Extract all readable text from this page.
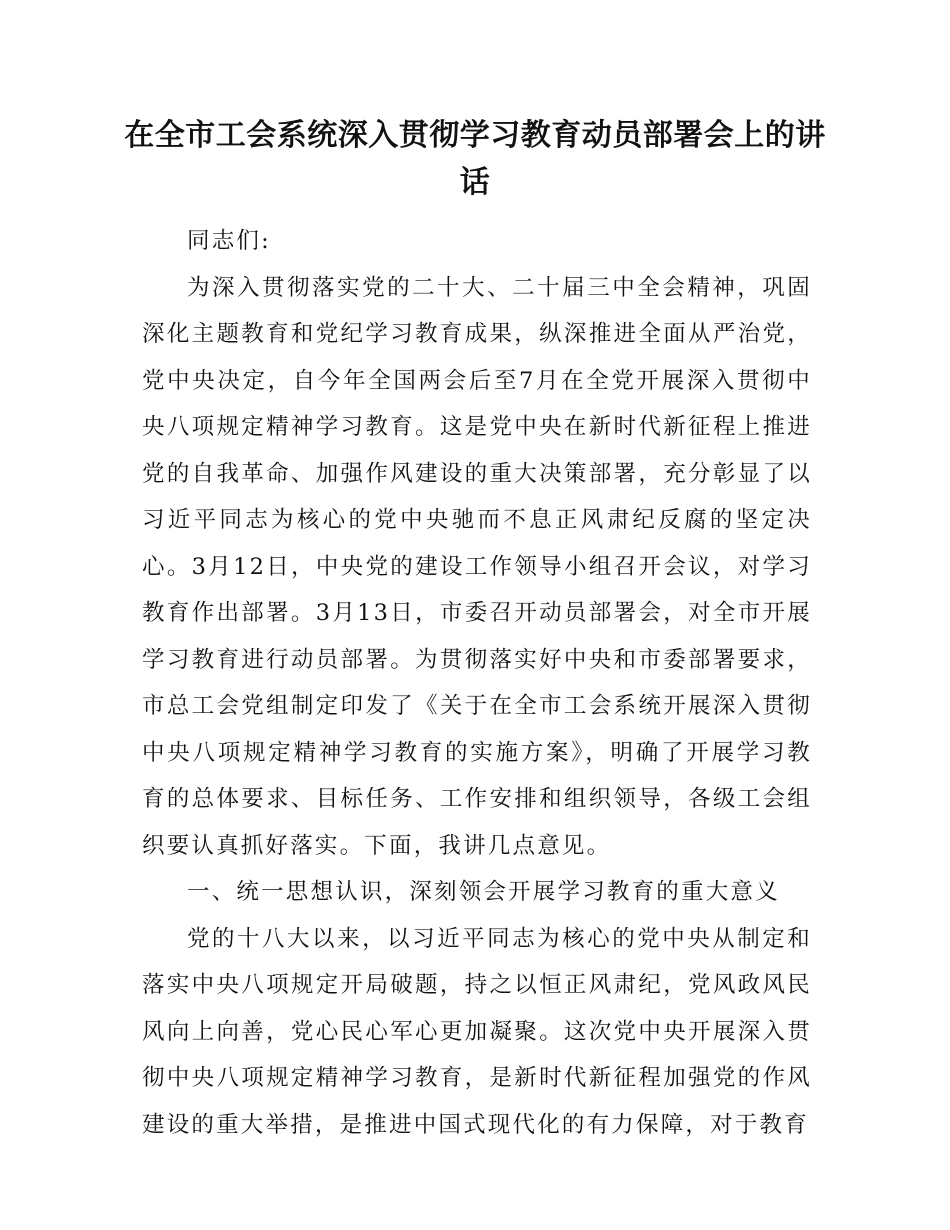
在全市工会系统深入贯彻学习教育动员部署会上的讲话

同志们:

为深入贯彻落实党的二十大、二十届三中全会精神，巩固深化主题教育和党纪学习教育成果，纵深推进全面从严治党，党中央决定，自今年全国两会后至7月在全党开展深入贯彻中央八项规定精神学习教育。这是党中央在新时代新征程上推进党的自我革命、加强作风建设的重大决策部署，充分彰显了以习近平同志为核心的党中央驰而不息正风肃纪反腐的坚定决心。3月12日，中央党的建设工作领导小组召开会议，对学习教育作出部署。3月13日，市委召开动员部署会，对全市开展学习教育进行动员部署。为贯彻落实好中央和市委部署要求，市总工会党组制定印发了《关于在全市工会系统开展深入贯彻中央八项规定精神学习教育的实施方案》，明确了开展学习教育的总体要求、目标任务、工作安排和组织领导，各级工会组织要认真抓好落实。下面，我讲几点意见。

一、统一思想认识，深刻领会开展学习教育的重大意义

党的十八大以来，以习近平同志为核心的党中央从制定和落实中央八项规定开局破题，持之以恒正风肃纪，党风政风民风向上向善，党心民心军心更加凝聚。这次党中央开展深入贯彻中央八项规定精神学习教育，是新时代新征程加强党的作风建设的重大举措，是推进中国式现代化的有力保障，对于教育
